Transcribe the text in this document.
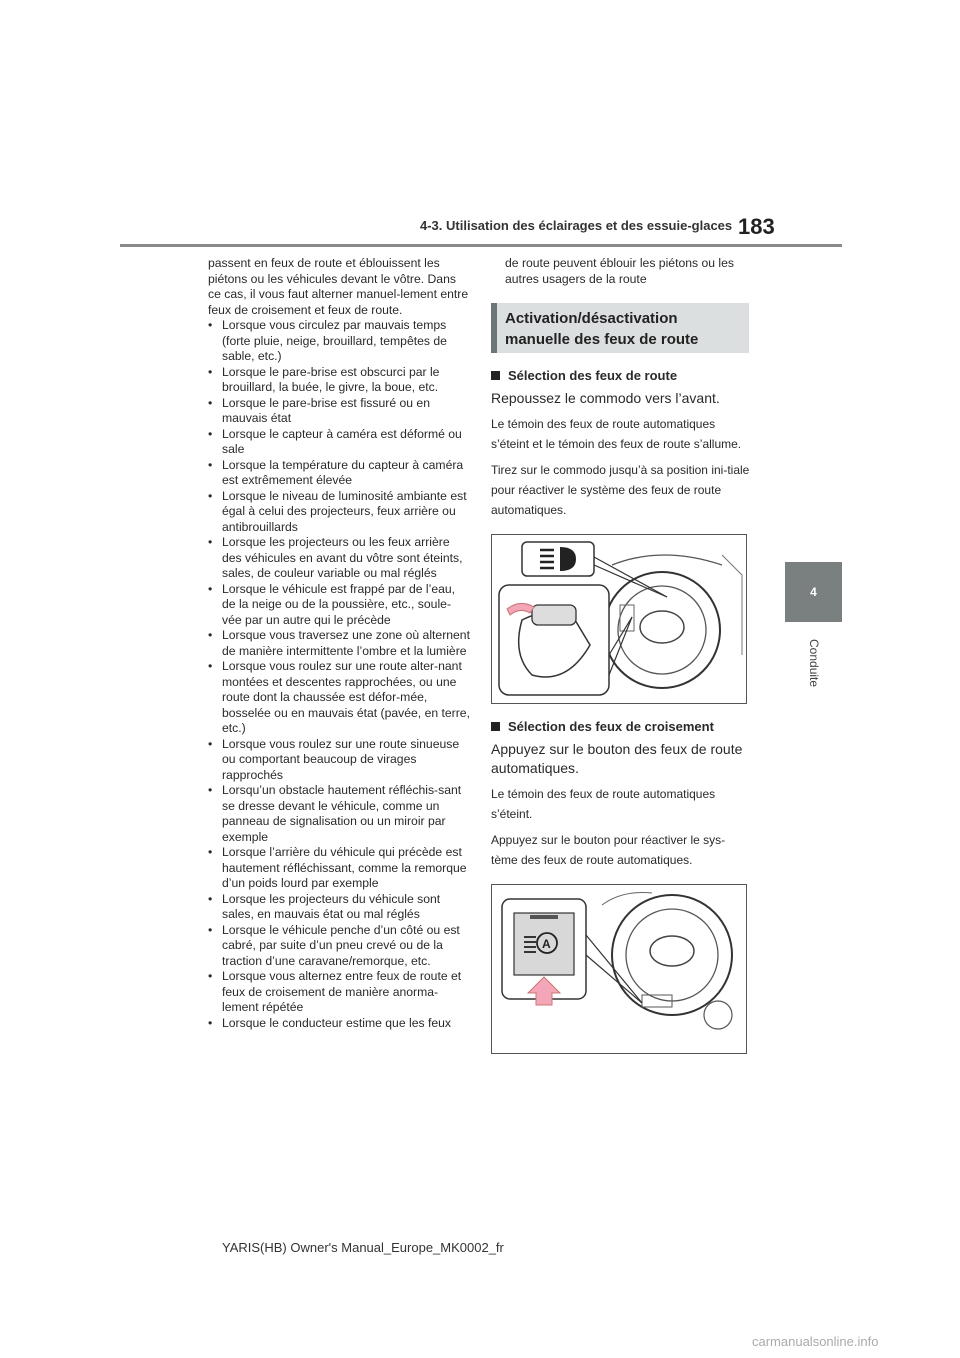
4-3. Utilisation des éclairages et des essuie-glaces 183
4
Conduite
passent en feux de route et éblouissent les piétons ou les véhicules devant le vôtre. Dans ce cas, il vous faut alterner manuel-lement entre feux de croisement et feux de route.
• Lorsque vous circulez par mauvais temps (forte pluie, neige, brouillard, tempêtes de sable, etc.)
• Lorsque le pare-brise est obscurci par le brouillard, la buée, le givre, la boue, etc.
• Lorsque le pare-brise est fissuré ou en mauvais état
• Lorsque le capteur à caméra est déformé ou sale
• Lorsque la température du capteur à caméra est extrêmement élevée
• Lorsque le niveau de luminosité ambiante est égal à celui des projecteurs, feux arrière ou antibrouillards
• Lorsque les projecteurs ou les feux arrière des véhicules en avant du vôtre sont éteints, sales, de couleur variable ou mal réglés
• Lorsque le véhicule est frappé par de l’eau, de la neige ou de la poussière, etc., soule-vée par un autre qui le précède
• Lorsque vous traversez une zone où alternent de manière intermittente l’ombre et la lumière
• Lorsque vous roulez sur une route alter-nant montées et descentes rapprochées, ou une route dont la chaussée est défor-mée, bosselée ou en mauvais état (pavée, en terre, etc.)
• Lorsque vous roulez sur une route sinueuse ou comportant beaucoup de virages rapprochés
• Lorsqu’un obstacle hautement réfléchis-sant se dresse devant le véhicule, comme un panneau de signalisation ou un miroir par exemple
• Lorsque l’arrière du véhicule qui précède est hautement réfléchissant, comme la remorque d’un poids lourd par exemple
• Lorsque les projecteurs du véhicule sont sales, en mauvais état ou mal réglés
• Lorsque le véhicule penche d’un côté ou est cabré, par suite d’un pneu crevé ou de la traction d’une caravane/remorque, etc.
• Lorsque vous alternez entre feux de route et feux de croisement de manière anorma-lement répétée
• Lorsque le conducteur estime que les feux
de route peuvent éblouir les piétons ou les autres usagers de la route
Activation/désactivation
manuelle des feux de route
Sélection des feux de route
Repoussez le commodo vers l’avant.
Le témoin des feux de route automatiques s’éteint et le témoin des feux de route s’allume.
Tirez sur le commodo jusqu’à sa position ini-tiale pour réactiver le système des feux de route automatiques.
Sélection des feux de croisement
Appuyez sur le bouton des feux de route automatiques.
Le témoin des feux de route automatiques s’éteint.
Appuyez sur le bouton pour réactiver le sys-tème des feux de route automatiques.
A
YARIS(HB) Owner's Manual_Europe_MK0002_fr
carmanualsonline.info
